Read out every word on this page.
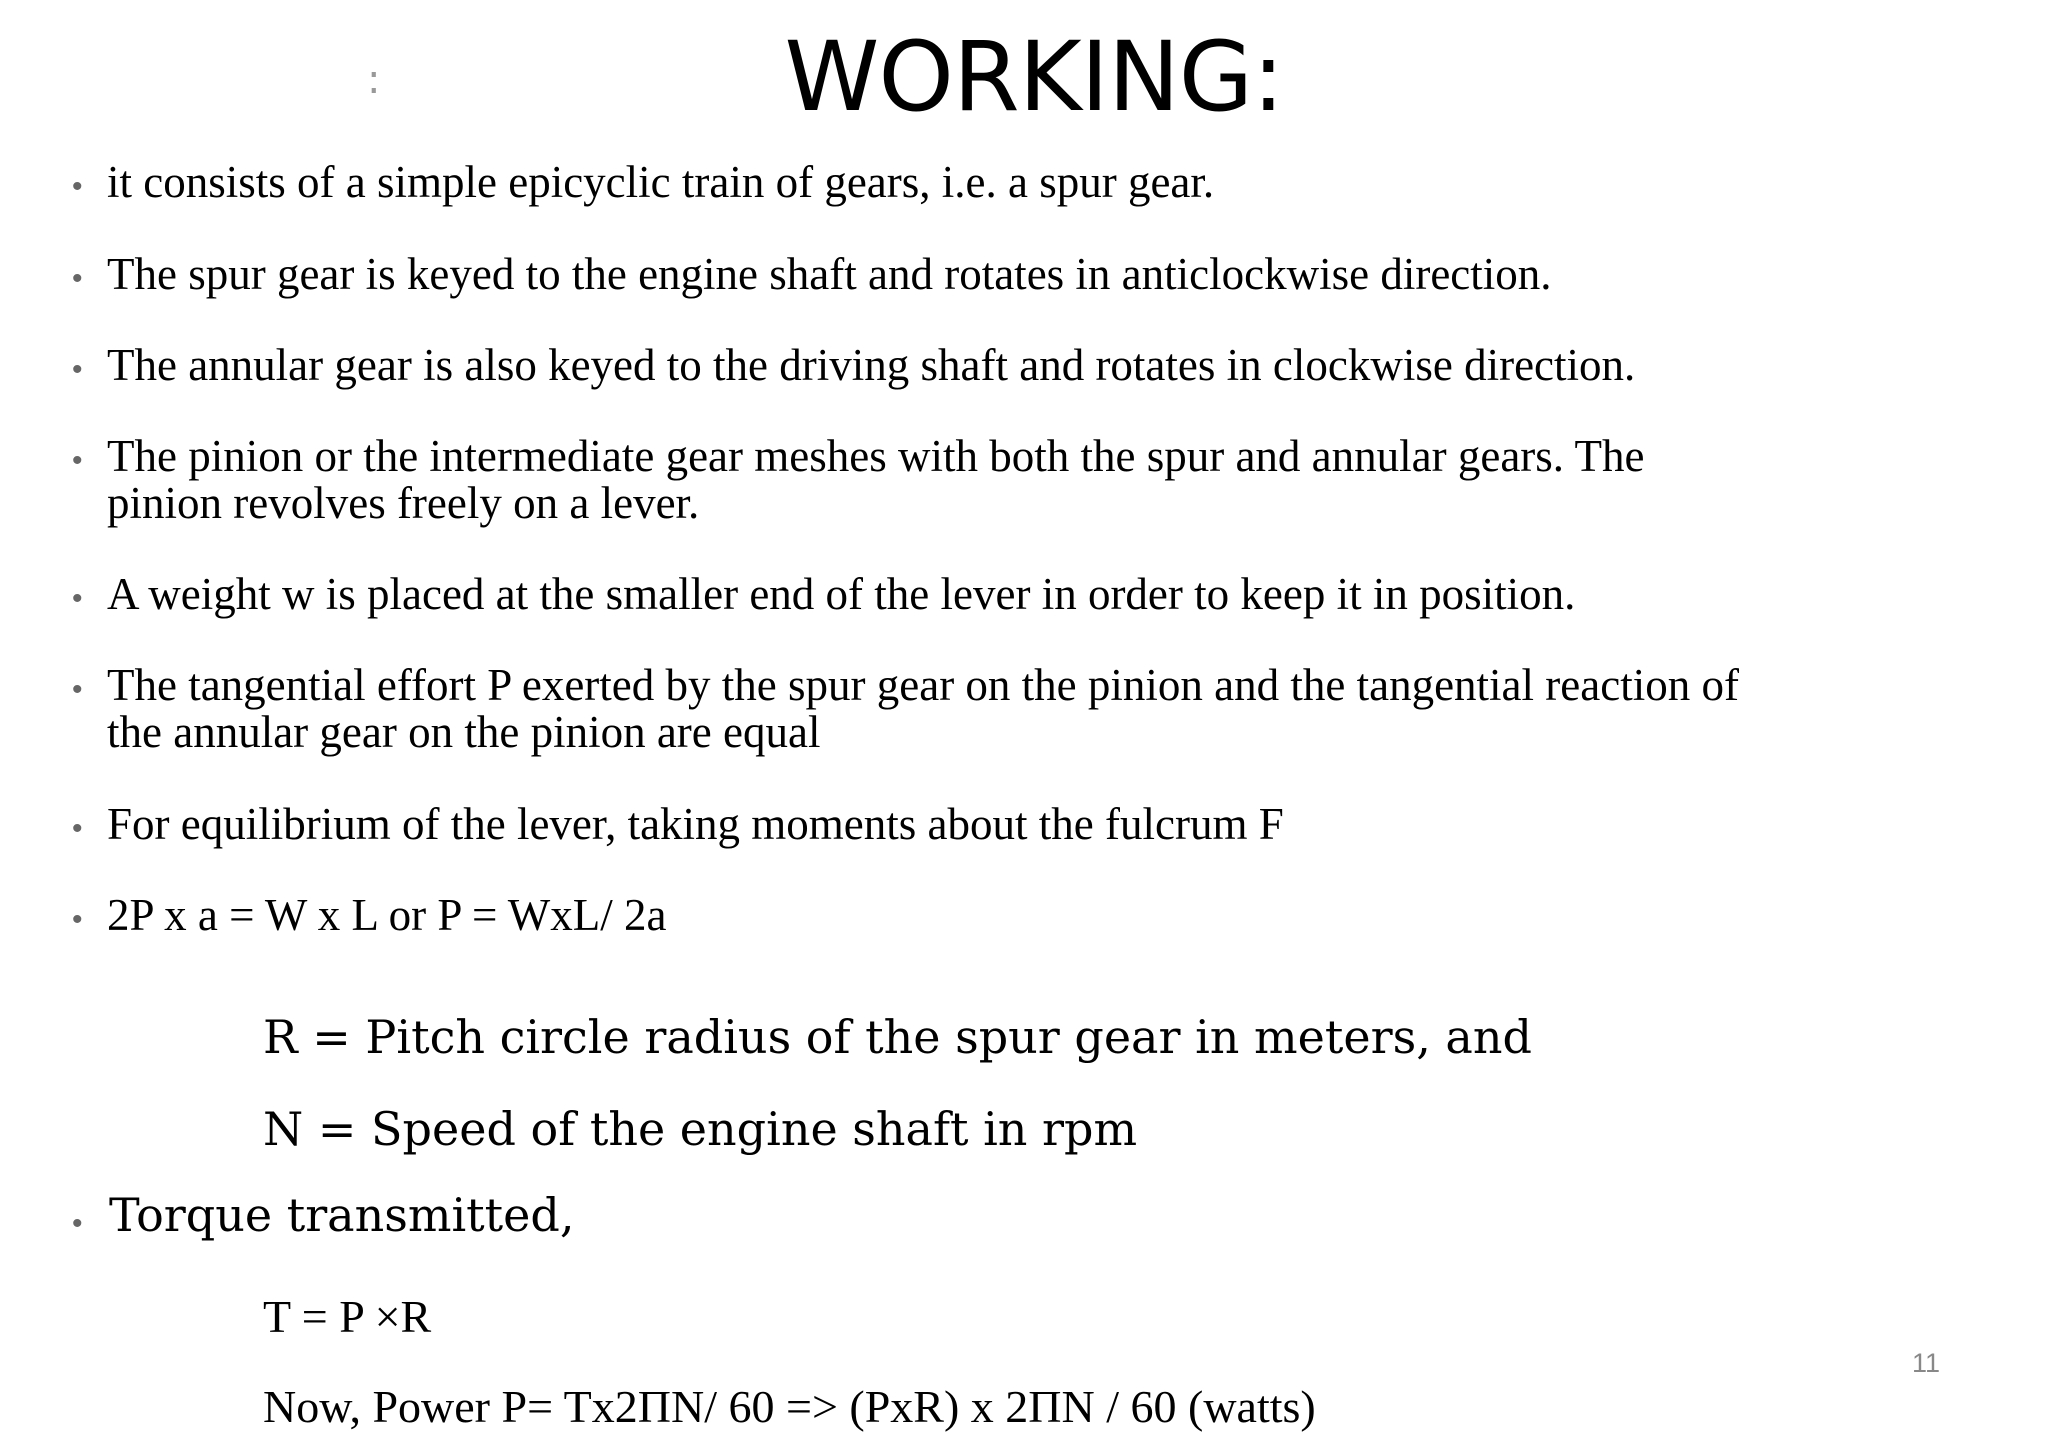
:	WORKING:
• it consists of a simple epicyclic train of gears, i.e. a spur gear.
• The spur gear is keyed to the engine shaft and rotates in anticlockwise direction.
• The annular gear is also keyed to the driving shaft and rotates in clockwise direction.
• The pinion or the intermediate gear meshes with both the spur and annular gears. The
pinion revolves freely on a lever.
• A weight w is placed at the smaller end of the lever in order to keep it in position.
• The tangential effort P exerted by the spur gear on the pinion and the tangential reaction of
the annular gear on the pinion are equal
• For equilibrium of the lever, taking moments about the fulcrum F
• 2P x a = W x L or P = WxL/ 2a
R = Pitch circle radius of the spur gear in meters, and
N = Speed of the engine shaft in rpm
• Torque transmitted,
T = P ×R
Now, Power P= Tx2ΠN/ 60 => (PxR) x 2ΠN / 60 (watts)
11
